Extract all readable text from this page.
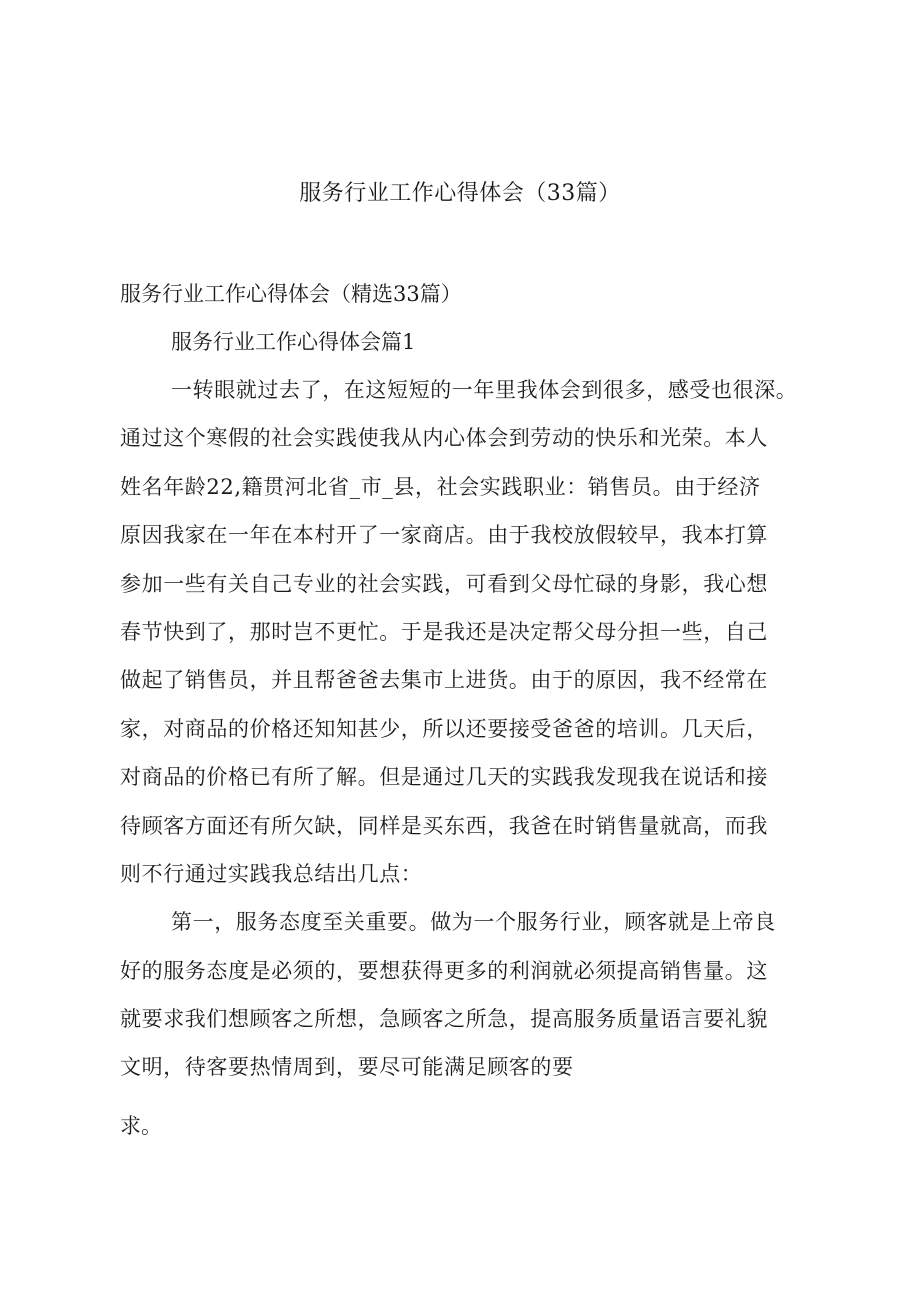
服务行业工作心得体会（33篇）
服务行业工作心得体会（精选33篇）
服务行业工作心得体会篇1
一转眼就过去了，在这短短的一年里我体会到很多，感受也很深。
通过这个寒假的社会实践使我从内心体会到劳动的快乐和光荣。本人
姓名年龄22,籍贯河北省_市_县，社会实践职业：销售员。由于经济
原因我家在一年在本村开了一家商店。由于我校放假较早，我本打算
参加一些有关自己专业的社会实践，可看到父母忙碌的身影，我心想
春节快到了，那时岂不更忙。于是我还是决定帮父母分担一些，自己
做起了销售员，并且帮爸爸去集市上进货。由于的原因，我不经常在
家，对商品的价格还知知甚少，所以还要接受爸爸的培训。几天后，
对商品的价格已有所了解。但是通过几天的实践我发现我在说话和接
待顾客方面还有所欠缺，同样是买东西，我爸在时销售量就高，而我
则不行通过实践我总结出几点：
第一，服务态度至关重要。做为一个服务行业，顾客就是上帝良
好的服务态度是必须的，要想获得更多的利润就必须提高销售量。这
就要求我们想顾客之所想，急顾客之所急，提高服务质量语言要礼貌
文明，待客要热情周到，要尽可能满足顾客的要
求。
